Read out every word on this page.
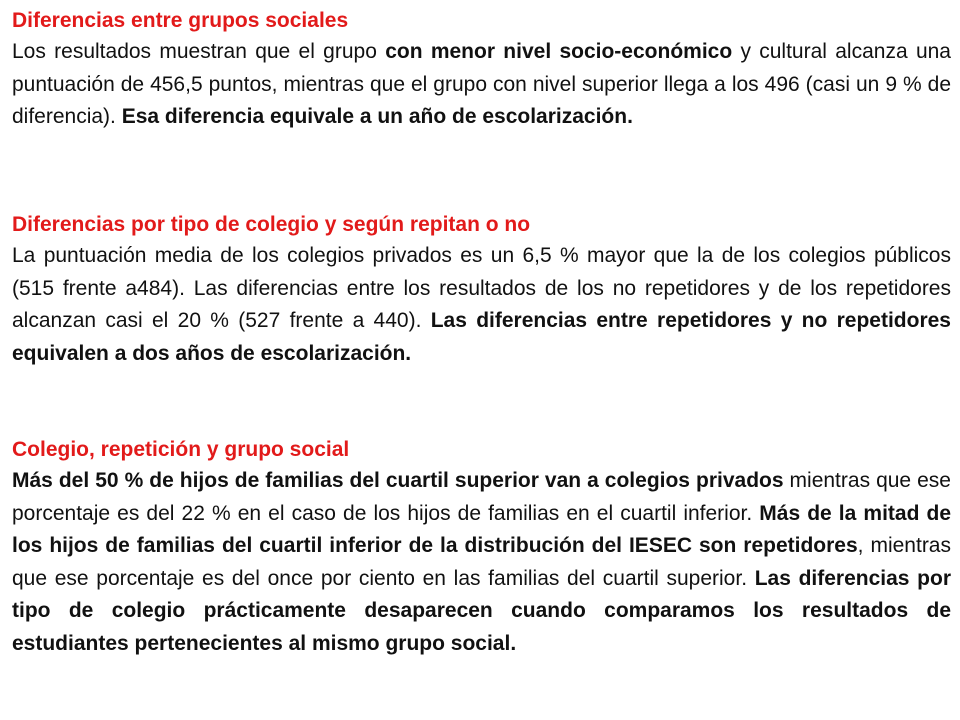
Diferencias entre grupos sociales

Los resultados muestran que el grupo con menor nivel socio-económico y cultural alcanza una puntuación de 456,5 puntos, mientras que el grupo con nivel superior llega a los 496 (casi un 9 % de diferencia). Esa diferencia equivale a un año de escolarización.

Diferencias por tipo de colegio y según repitan o no

La puntuación media de los colegios privados es un 6,5 % mayor que la de los colegios públicos (515 frente a484). Las diferencias entre los resultados de los no repetidores y de los repetidores alcanzan casi el 20 % (527 frente a 440). Las diferencias entre repetidores y no repetidores equivalen a dos años de escolarización.

Colegio, repetición y grupo social

Más del 50 % de hijos de familias del cuartil superior van a colegios privados mientras que ese porcentaje es del 22 % en el caso de los hijos de familias en el cuartil inferior. Más de la mitad de los hijos de familias del cuartil inferior de la distribución del IESEC son repetidores, mientras que ese porcentaje es del once por ciento en las familias del cuartil superior. Las diferencias por tipo de colegio prácticamente desaparecen cuando comparamos los resultados de estudiantes pertenecientes al mismo grupo social.
